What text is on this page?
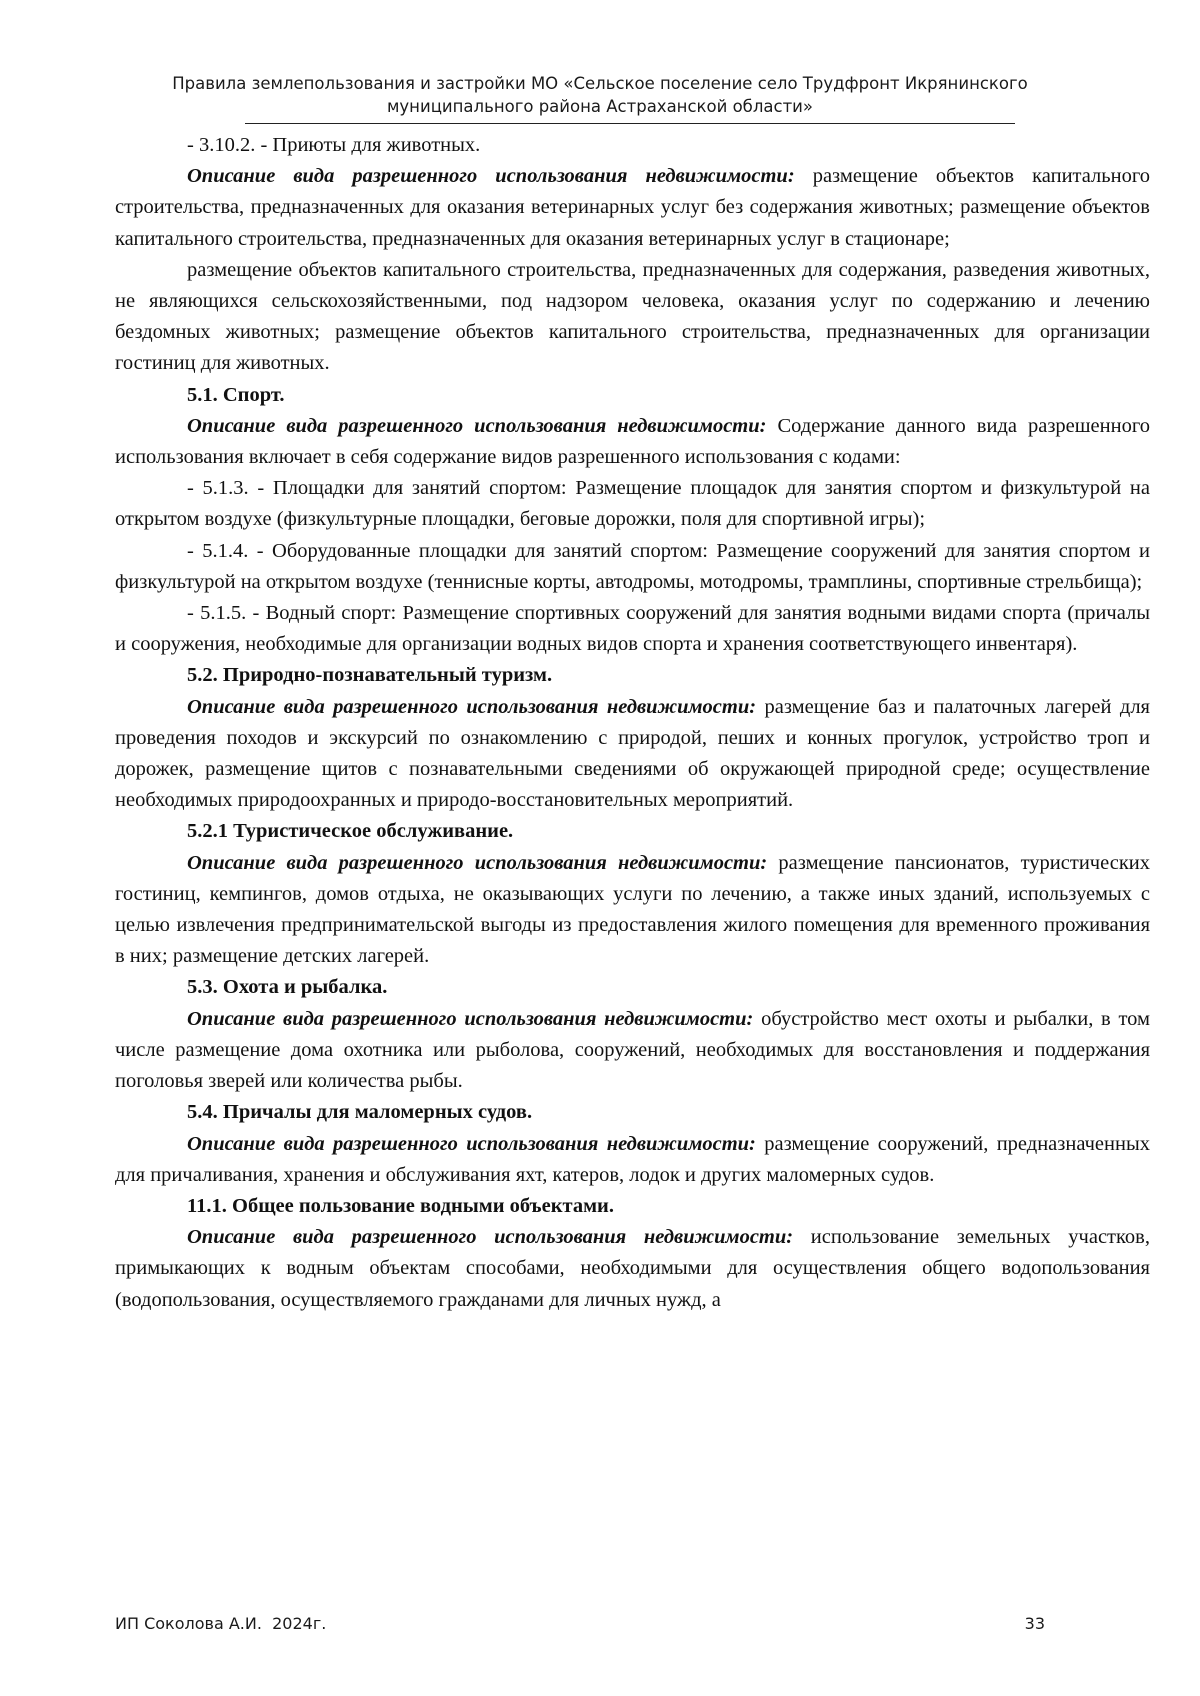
Правила землепользования и застройки МО «Сельское поселение село Трудфронт Икрянинского
муниципального района Астраханской области»

- 3.10.2. - Приюты для животных.

Описание вида разрешенного использования недвижимости: размещение объектов капитального строительства, предназначенных для оказания ветеринарных услуг без содержания животных; размещение объектов капитального строительства, предназначенных для оказания ветеринарных услуг в стационаре;

размещение объектов капитального строительства, предназначенных для содержания, разведения животных, не являющихся сельскохозяйственными, под надзором человека, оказания услуг по содержанию и лечению бездомных животных; размещение объектов капитального строительства, предназначенных для организации гостиниц для животных.

5.1. Спорт.

Описание вида разрешенного использования недвижимости: Содержание данного вида разрешенного использования включает в себя содержание видов разрешенного использования с кодами:

- 5.1.3. - Площадки для занятий спортом: Размещение площадок для занятия спортом и физкультурой на открытом воздухе (физкультурные площадки, беговые дорожки, поля для спортивной игры);

- 5.1.4. - Оборудованные площадки для занятий спортом: Размещение сооружений для занятия спортом и физкультурой на открытом воздухе (теннисные корты, автодромы, мотодромы, трамплины, спортивные стрельбища);

- 5.1.5. - Водный спорт: Размещение спортивных сооружений для занятия водными видами спорта (причалы и сооружения, необходимые для организации водных видов спорта и хранения соответствующего инвентаря).

5.2. Природно-познавательный туризм.

Описание вида разрешенного использования недвижимости: размещение баз и палаточных лагерей для проведения походов и экскурсий по ознакомлению с природой, пеших и конных прогулок, устройство троп и дорожек, размещение щитов с познавательными сведениями об окружающей природной среде; осуществление необходимых природоохранных и природо-восстановительных мероприятий.

5.2.1 Туристическое обслуживание.

Описание вида разрешенного использования недвижимости: размещение пансионатов, туристических гостиниц, кемпингов, домов отдыха, не оказывающих услуги по лечению, а также иных зданий, используемых с целью извлечения предпринимательской выгоды из предоставления жилого помещения для временного проживания в них; размещение детских лагерей.

5.3. Охота и рыбалка.

Описание вида разрешенного использования недвижимости: обустройство мест охоты и рыбалки, в том числе размещение дома охотника или рыболова, сооружений, необходимых для восстановления и поддержания поголовья зверей или количества рыбы.

5.4. Причалы для маломерных судов.

Описание вида разрешенного использования недвижимости: размещение сооружений, предназначенных для причаливания, хранения и обслуживания яхт, катеров, лодок и других маломерных судов.

11.1. Общее пользование водными объектами.

Описание вида разрешенного использования недвижимости: использование земельных участков, примыкающих к водным объектам способами, необходимыми для осуществления общего водопользования (водопользования, осуществляемого гражданами для личных нужд, а

ИП Соколова А.И.  2024г.	33
